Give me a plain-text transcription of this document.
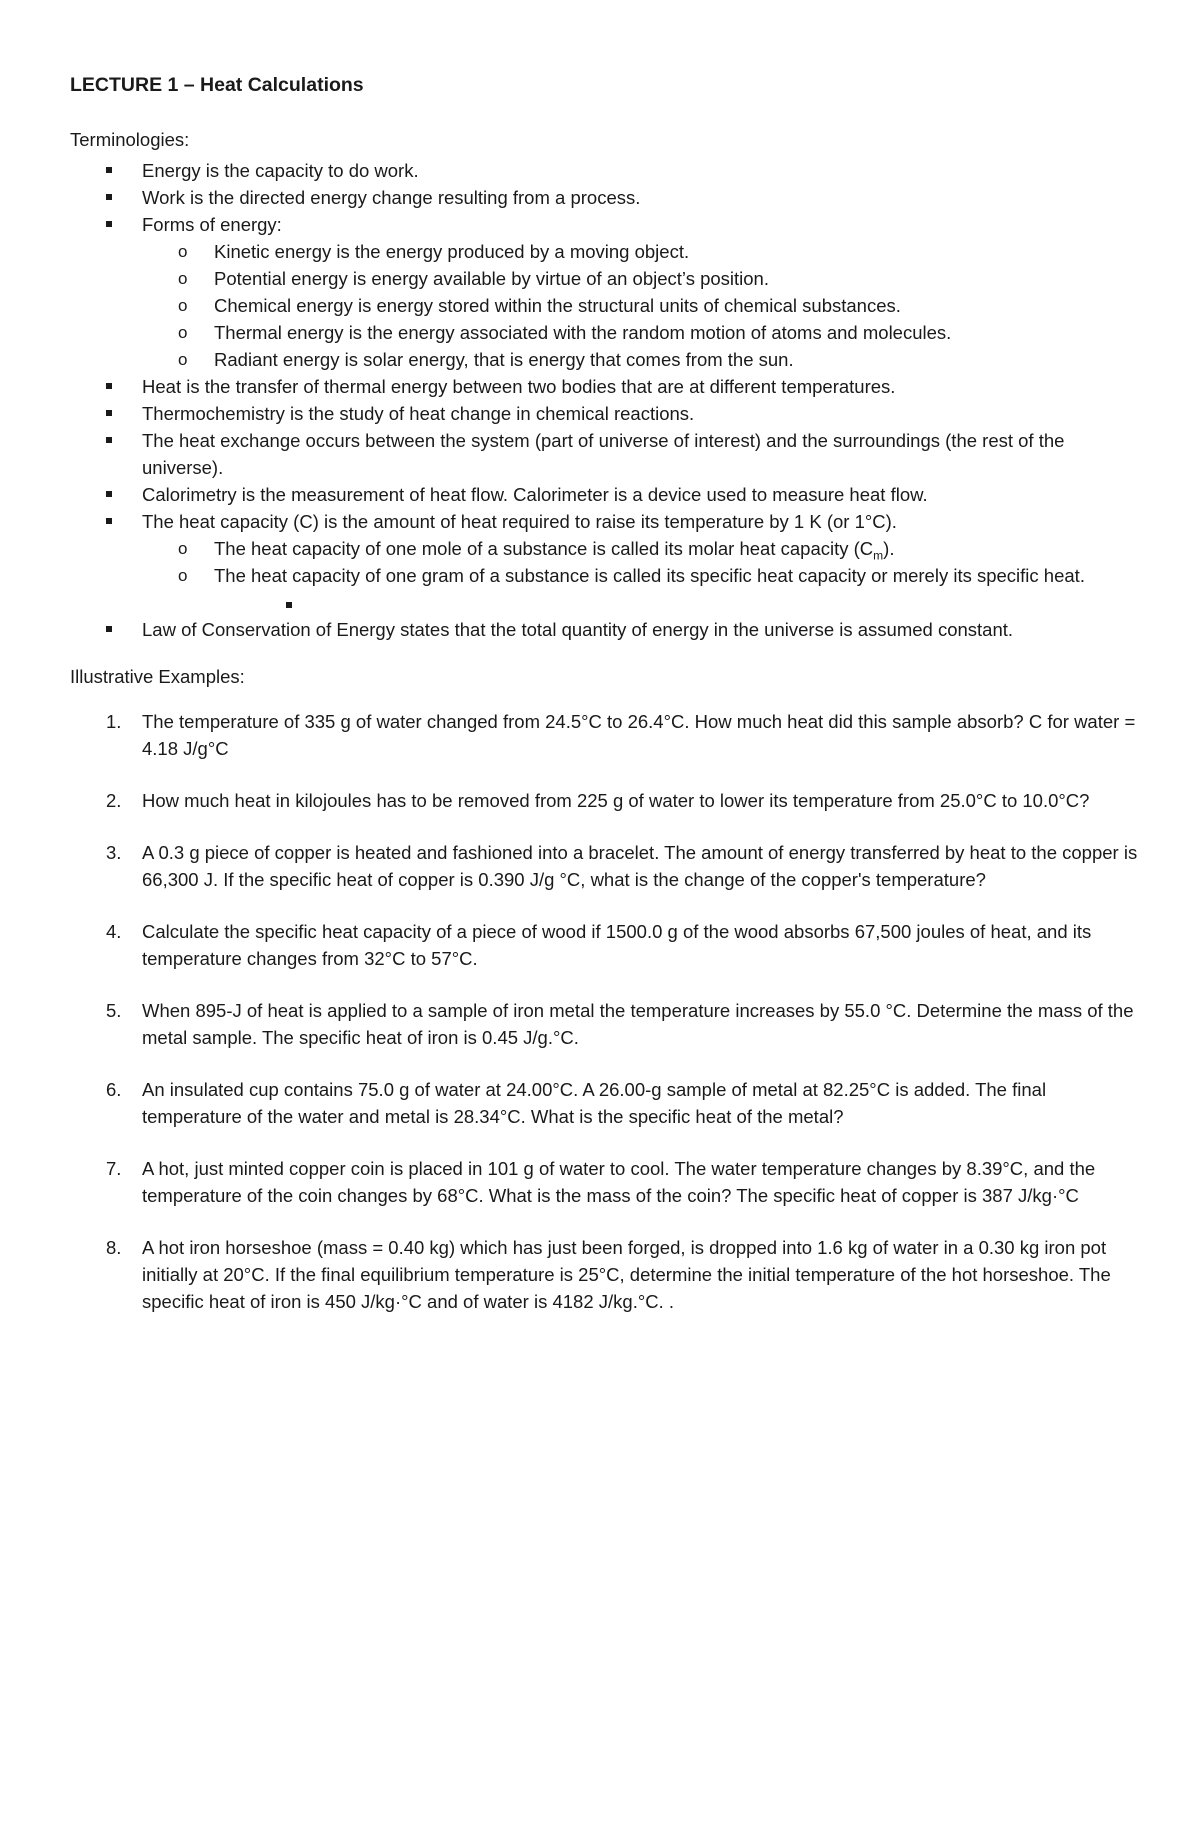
LECTURE 1 – Heat Calculations
Terminologies:
Energy is the capacity to do work.
Work is the directed energy change resulting from a process.
Forms of energy:
o Kinetic energy is the energy produced by a moving object.
o Potential energy is energy available by virtue of an object’s position.
o Chemical energy is energy stored within the structural units of chemical substances.
o Thermal energy is the energy associated with the random motion of atoms and molecules.
o Radiant energy is solar energy, that is energy that comes from the sun.
Heat is the transfer of thermal energy between two bodies that are at different temperatures.
Thermochemistry is the study of heat change in chemical reactions.
The heat exchange occurs between the system (part of universe of interest) and the surroundings (the rest of the universe).
Calorimetry is the measurement of heat flow. Calorimeter is a device used to measure heat flow.
The heat capacity (C) is the amount of heat required to raise its temperature by 1 K (or 1°C).
o The heat capacity of one mole of a substance is called its molar heat capacity $(C_m)$.
o The heat capacity of one gram of a substance is called its specific heat capacity or merely its specific heat.
Law of Conservation of Energy states that the total quantity of energy in the universe is assumed constant.
Illustrative Examples:
1. The temperature of 335 g of water changed from 24.5°C to 26.4°C. How much heat did this sample absorb? C for water = 4.18 J/g°C
2. How much heat in kilojoules has to be removed from 225 g of water to lower its temperature from 25.0°C to 10.0°C?
3. A 0.3 g piece of copper is heated and fashioned into a bracelet. The amount of energy transferred by heat to the copper is 66,300 J. If the specific heat of copper is 0.390 J/g °C, what is the change of the copper's temperature?
4. Calculate the specific heat capacity of a piece of wood if 1500.0 g of the wood absorbs 67,500 joules of heat, and its temperature changes from 32°C to 57°C.
5. When 895-J of heat is applied to a sample of iron metal the temperature increases by 55.0 °C. Determine the mass of the metal sample. The specific heat of iron is 0.45 J/g.°C.
6. An insulated cup contains 75.0 g of water at 24.00°C. A 26.00-g sample of metal at 82.25°C is added. The final temperature of the water and metal is 28.34°C. What is the specific heat of the metal?
7. A hot, just minted copper coin is placed in 101 g of water to cool. The water temperature changes by 8.39°C, and the temperature of the coin changes by 68°C. What is the mass of the coin? The specific heat of copper is 387 J/kg·°C
8. A hot iron horseshoe (mass = 0.40 kg) which has just been forged, is dropped into 1.6 kg of water in a 0.30 kg iron pot initially at 20°C. If the final equilibrium temperature is 25°C, determine the initial temperature of the hot horseshoe. The specific heat of iron is 450 J/kg·°C and of water is 4182 J/kg.°C. .
